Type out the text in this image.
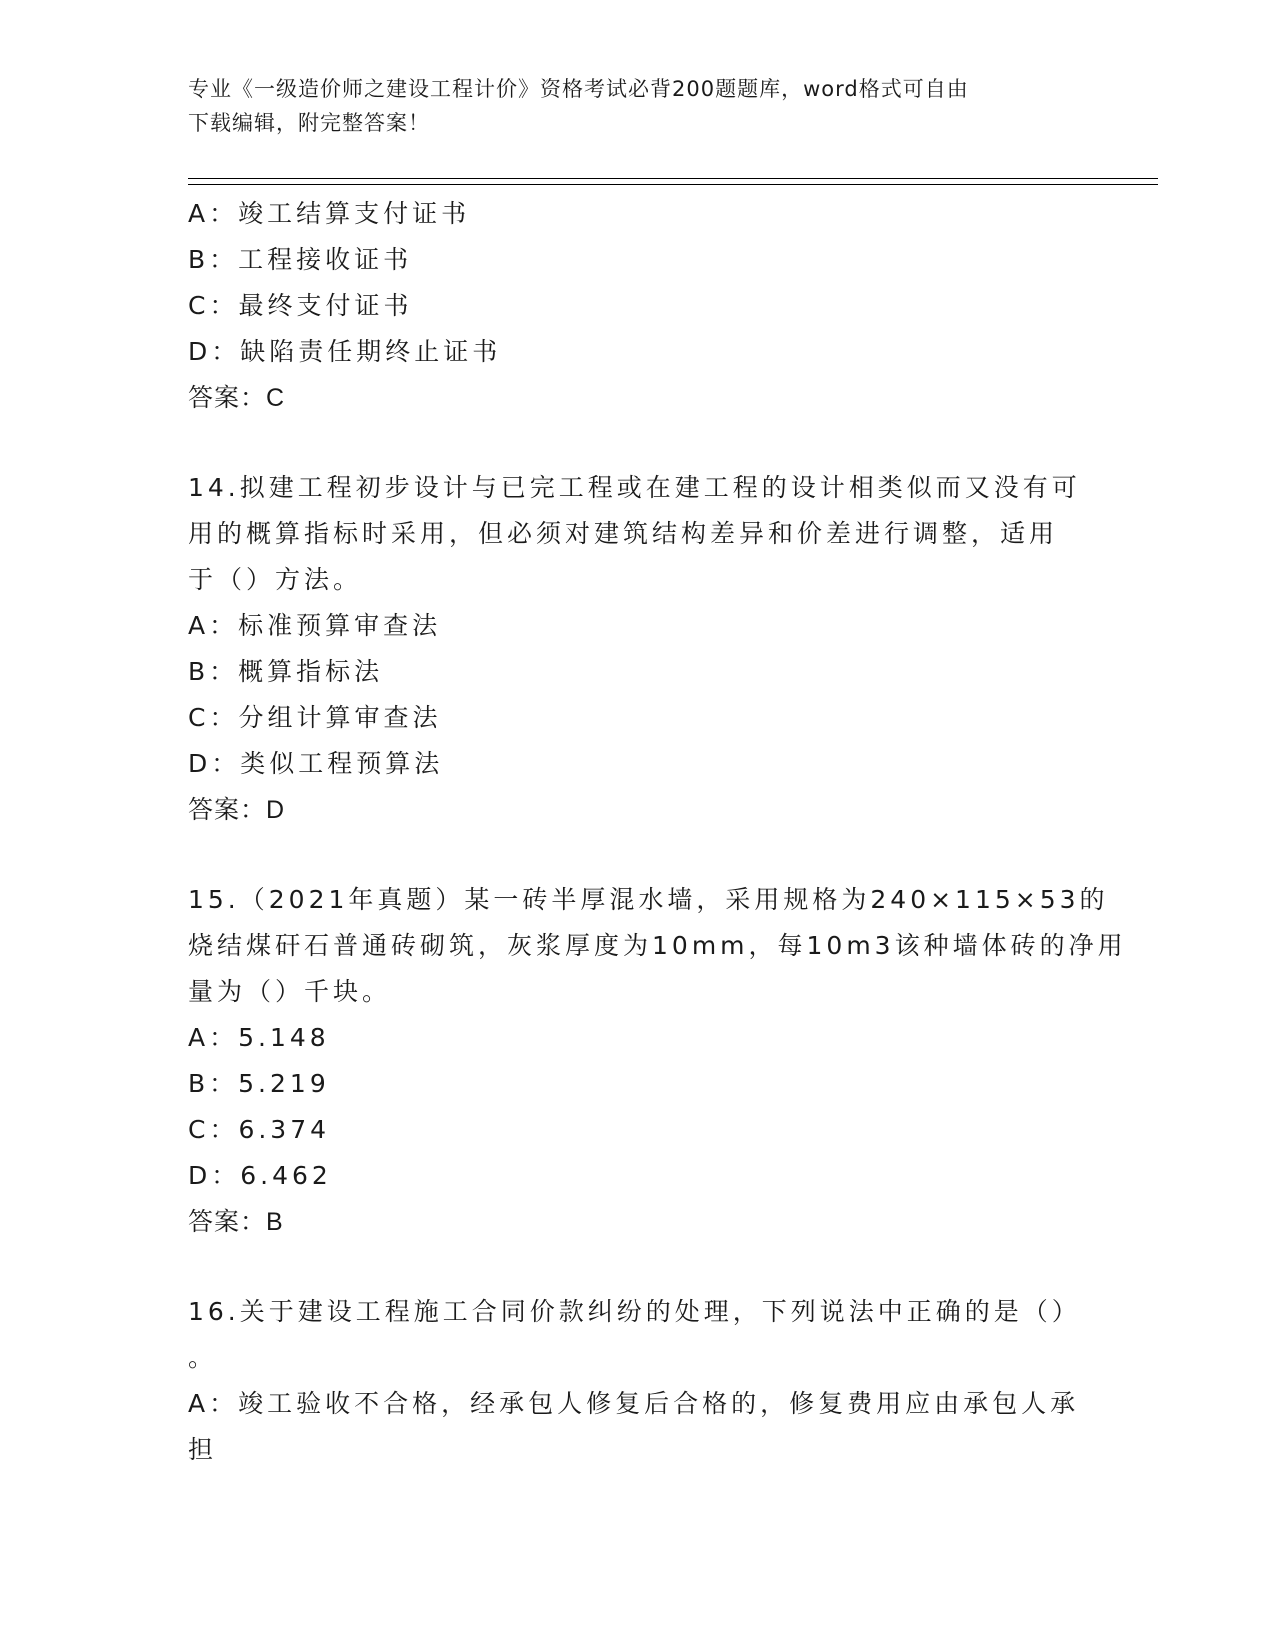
专业《一级造价师之建设工程计价》资格考试必背200题题库，word格式可自由
下载编辑，附完整答案！
A：竣工结算支付证书
B：工程接收证书
C：最终支付证书
D：缺陷责任期终止证书
答案：C
14.拟建工程初步设计与已完工程或在建工程的设计相类似而又没有可
用的概算指标时采用，但必须对建筑结构差异和价差进行调整，适用
于（）方法。
A：标准预算审查法
B：概算指标法
C：分组计算审查法
D：类似工程预算法
答案：D
15.（2021年真题）某一砖半厚混水墙，采用规格为240×115×53的
烧结煤矸石普通砖砌筑，灰浆厚度为10mm，每10m3该种墙体砖的净用
量为（）千块。
A：5.148
B：5.219
C：6.374
D：6.462
答案：B
16.关于建设工程施工合同价款纠纷的处理，下列说法中正确的是（）
。
A：竣工验收不合格，经承包人修复后合格的，修复费用应由承包人承
担
